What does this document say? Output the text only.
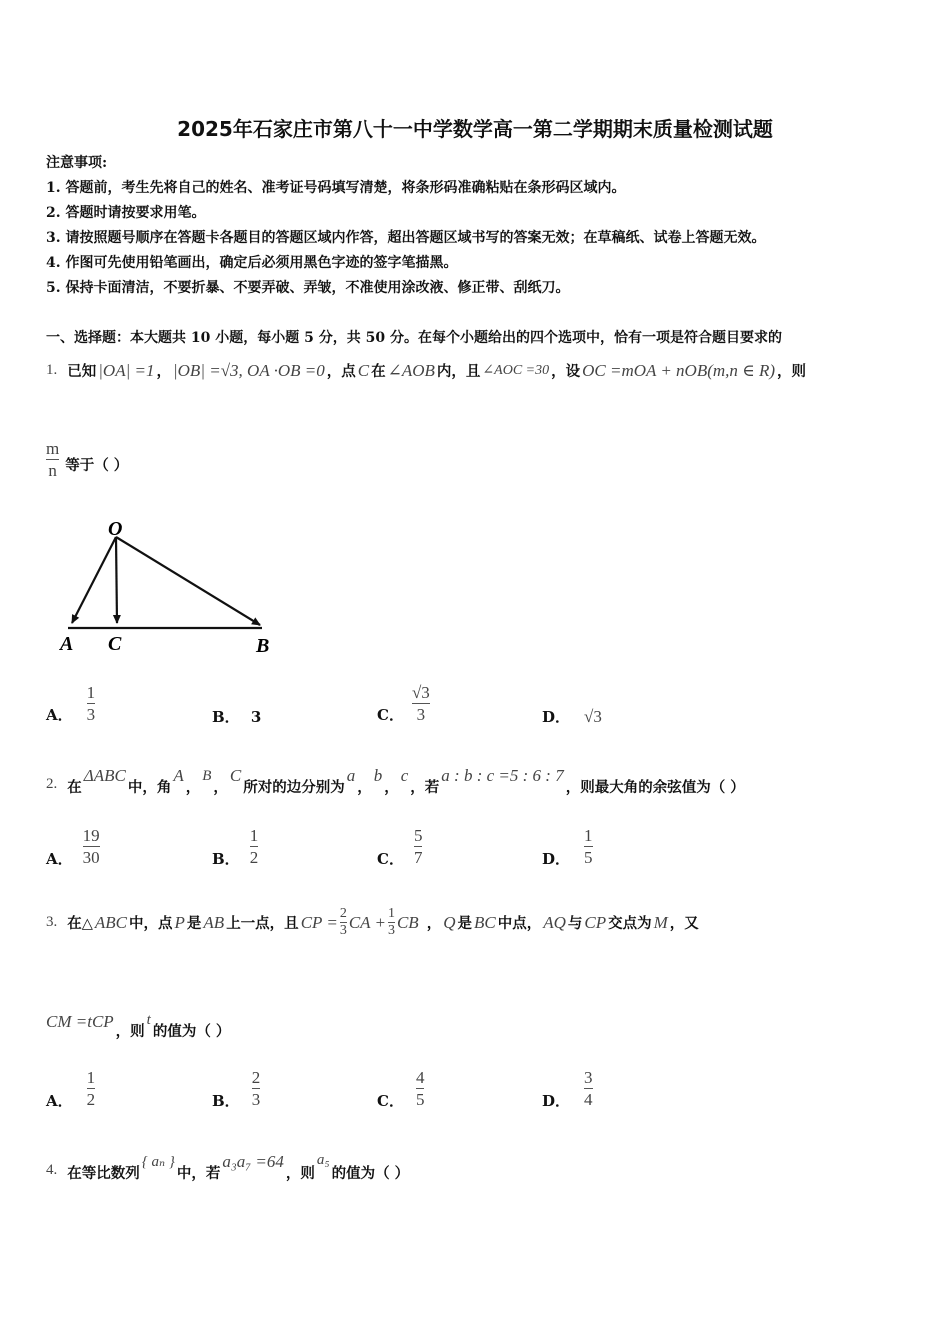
2025年石家庄市第八十一中学数学高一第二学期期末质量检测试题
注意事项:
1. 答题前，考生先将自己的姓名、准考证号码填写清楚，将条形码准确粘贴在条形码区域内。
2. 答题时请按要求用笔。
3. 请按照题号顺序在答题卡各题目的答题区域内作答，超出答题区域书写的答案无效；在草稿纸、试卷上答题无效。
4. 作图可先使用铅笔画出，确定后必须用黑色字迹的签字笔描黑。
5. 保持卡面清洁，不要折暴、不要弄破、弄皱，不准使用涂改液、修正带、刮纸刀。
一、选择题：本大题共 10 小题，每小题 5 分，共 50 分。在每个小题给出的四个选项中，恰有一项是符合题目要求的
1. 已知 |OA| =1 ， |OB| =√3, OA ·OB =0 ，点 C 在 ∠AOB 内，且 ∠AOC =30 ，设 OC =mOA + nOB(m,n ∈ R) ，则
$\frac{m}{n}$ 等于（ ）
O
A C	B
A． $\frac{1}{3}$	B． 3	C． $\frac{√3}{3}$	D． √3
2. 在
ΔABC
中，角
A
，
B
，
C
所对的边分别为
a
，
b
，
c
，若
a : b : c =5 : 6 : 7
，则最大角的余弦值为（ ）
A． $\frac{19}{30}$	B． $\frac{1}{2}$	C． $\frac{5}{7}$	D． $\frac{1}{5}$
3. 在△ ABC 中，点 P 是 AB 上一点，且 CP = $\frac{2}{3}$ CA + $\frac{1}{3}$ CB ， Q 是 BC 中点， AQ 与 CP 交点为 M ，又
CM =tCP
，则
t
的值为（ ）
A． $\frac{1}{2}$	B． $\frac{2}{3}$	C． $\frac{4}{5}$	D． $\frac{3}{4}$
4. 在等比数列
{ aₙ }
中，若
a₃a₇ =64
，则
a₅
的值为（ ）
